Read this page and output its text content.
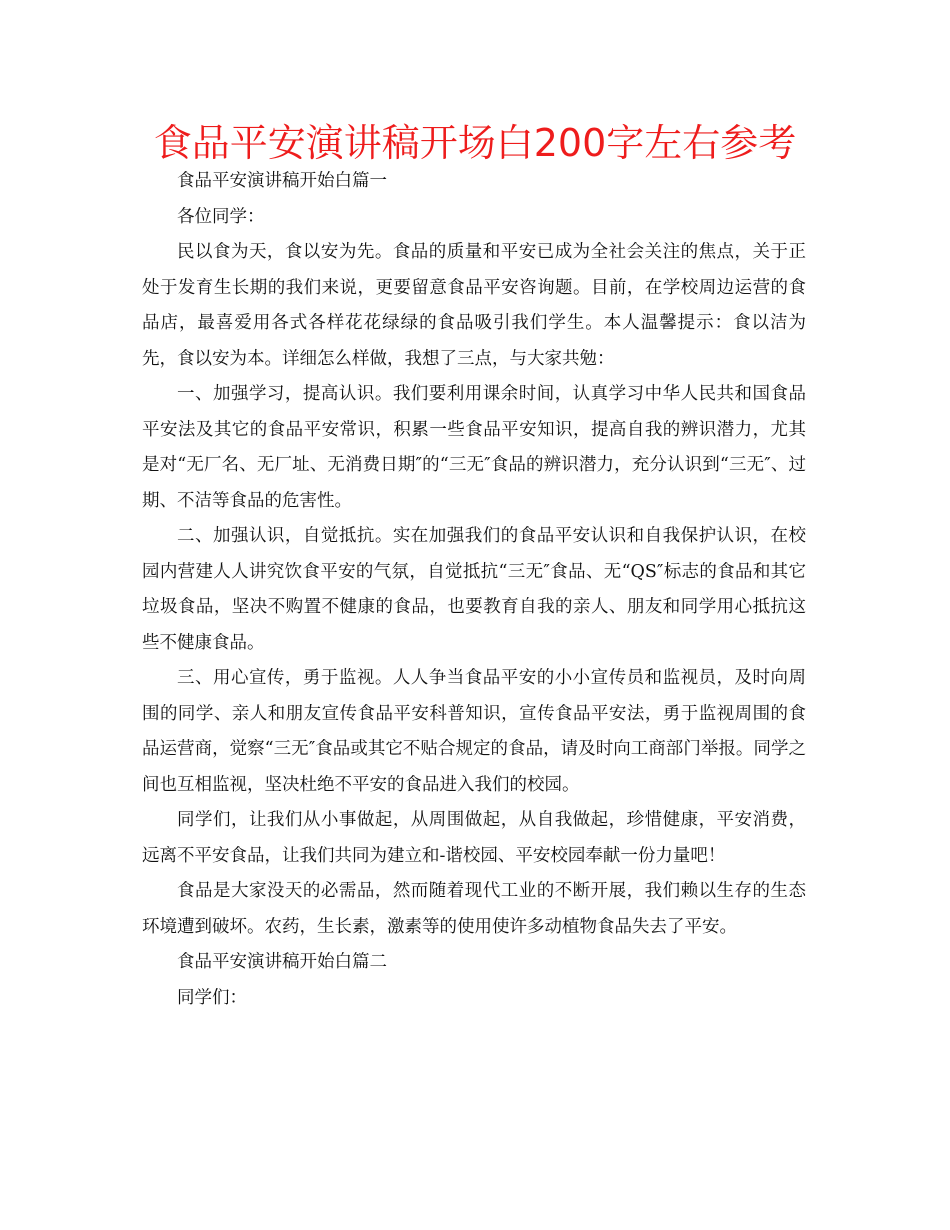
食品平安演讲稿开场白200字左右参考

食品平安演讲稿开始白篇一

各位同学：

民以食为天，食以安为先。食品的质量和平安已成为全社会关注的焦点，关于正处于发育生长期的我们来说，更要留意食品平安咨询题。目前，在学校周边运营的食品店，最喜爱用各式各样花花绿绿的食品吸引我们学生。本人温馨提示：食以洁为先，食以安为本。详细怎么样做，我想了三点，与大家共勉：

一、加强学习，提高认识。我们要利用课余时间，认真学习中华人民共和国食品平安法及其它的食品平安常识，积累一些食品平安知识，提高自我的辨识潜力，尤其是对“无厂名、无厂址、无消费日期″的“三无″食品的辨识潜力，充分认识到“三无″、过期、不洁等食品的危害性。

二、加强认识，自觉抵抗。实在加强我们的食品平安认识和自我保护认识，在校园内营建人人讲究饮食平安的气氛，自觉抵抗“三无″食品、无“QS″标志的食品和其它垃圾食品，坚决不购置不健康的食品，也要教育自我的亲人、朋友和同学用心抵抗这些不健康食品。

三、用心宣传，勇于监视。人人争当食品平安的小小宣传员和监视员，及时向周围的同学、亲人和朋友宣传食品平安科普知识，宣传食品平安法，勇于监视周围的食品运营商，觉察“三无″食品或其它不贴合规定的食品，请及时向工商部门举报。同学之间也互相监视，坚决杜绝不平安的食品进入我们的校园。

同学们，让我们从小事做起，从周围做起，从自我做起，珍惜健康，平安消费，远离不平安食品，让我们共同为建立和-谐校园、平安校园奉献一份力量吧！

食品是大家没天的必需品，然而随着现代工业的不断开展，我们赖以生存的生态环境遭到破坏。农药，生长素，激素等的使用使许多动植物食品失去了平安。

食品平安演讲稿开始白篇二

同学们：
